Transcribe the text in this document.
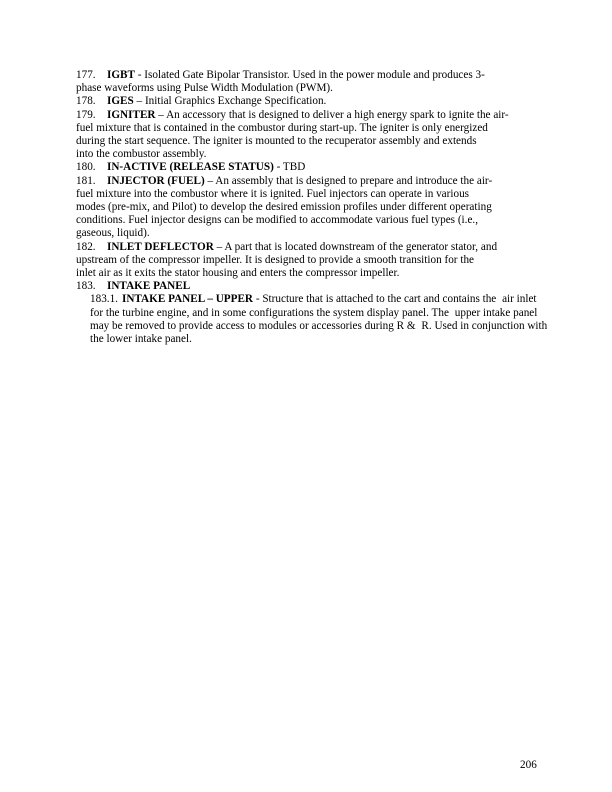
177. IGBT - Isolated Gate Bipolar Transistor. Used in the power module and produces 3-
phase waveforms using Pulse Width Modulation (PWM).
178. IGES – Initial Graphics Exchange Specification.
179. IGNITER – An accessory that is designed to deliver a high energy spark to ignite the air-
fuel mixture that is contained in the combustor during start-up. The igniter is only energized
during the start sequence. The igniter is mounted to the recuperator assembly and extends
into the combustor assembly.
180. IN-ACTIVE (RELEASE STATUS) - TBD
181. INJECTOR (FUEL) – An assembly that is designed to prepare and introduce the air-
fuel mixture into the combustor where it is ignited. Fuel injectors can operate in various
modes (pre-mix, and Pilot) to develop the desired emission profiles under different operating
conditions. Fuel injector designs can be modified to accommodate various fuel types (i.e.,
gaseous, liquid).
182. INLET DEFLECTOR – A part that is located downstream of the generator stator, and
upstream of the compressor impeller. It is designed to provide a smooth transition for the
inlet air as it exits the stator housing and enters the compressor impeller.
183. INTAKE PANEL
183.1. INTAKE PANEL – UPPER - Structure that is attached to the cart and contains the air inlet for the turbine engine, and in some configurations the system display panel. The upper intake panel may be removed to provide access to modules or accessories during R & R. Used in conjunction with the lower intake panel.
206
